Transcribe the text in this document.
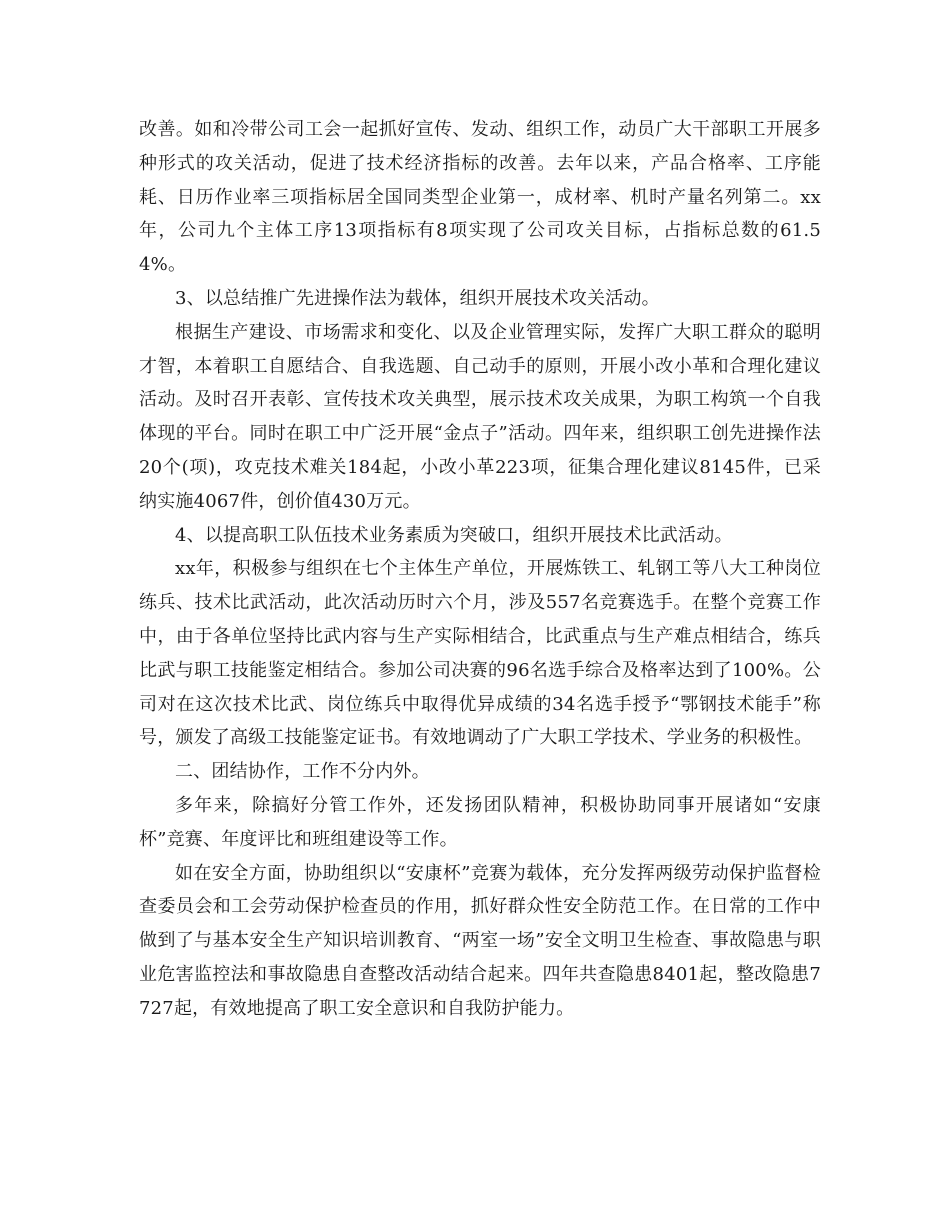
改善。如和冷带公司工会一起抓好宣传、发动、组织工作，动员广大干部职工开展多种形式的攻关活动，促进了技术经济指标的改善。去年以来，产品合格率、工序能耗、日历作业率三项指标居全国同类型企业第一，成材率、机时产量名列第二。xx年，公司九个主体工序13项指标有8项实现了公司攻关目标，占指标总数的61.54%。

3、以总结推广先进操作法为载体，组织开展技术攻关活动。

根据生产建设、市场需求和变化、以及企业管理实际，发挥广大职工群众的聪明才智，本着职工自愿结合、自我选题、自己动手的原则，开展小改小革和合理化建议活动。及时召开表彰、宣传技术攻关典型，展示技术攻关成果，为职工构筑一个自我体现的平台。同时在职工中广泛开展“金点子”活动。四年来，组织职工创先进操作法20个(项)，攻克技术难关184起，小改小革223项，征集合理化建议8145件，已采纳实施4067件，创价值430万元。

4、以提高职工队伍技术业务素质为突破口，组织开展技术比武活动。

xx年，积极参与组织在七个主体生产单位，开展炼铁工、轧钢工等八大工种岗位练兵、技术比武活动，此次活动历时六个月，涉及557名竞赛选手。在整个竞赛工作中，由于各单位坚持比武内容与生产实际相结合，比武重点与生产难点相结合，练兵比武与职工技能鉴定相结合。参加公司决赛的96名选手综合及格率达到了100%。公司对在这次技术比武、岗位练兵中取得优异成绩的34名选手授予“鄂钢技术能手”称号，颁发了高级工技能鉴定证书。有效地调动了广大职工学技术、学业务的积极性。

二、团结协作，工作不分内外。

多年来，除搞好分管工作外，还发扬团队精神，积极协助同事开展诸如“安康杯”竞赛、年度评比和班组建设等工作。

如在安全方面，协助组织以“安康杯”竞赛为载体，充分发挥两级劳动保护监督检查委员会和工会劳动保护检查员的作用，抓好群众性安全防范工作。在日常的工作中做到了与基本安全生产知识培训教育、“两室一场”安全文明卫生检查、事故隐患与职业危害监控法和事故隐患自查整改活动结合起来。四年共查隐患8401起，整改隐患7727起，有效地提高了职工安全意识和自我防护能力。
